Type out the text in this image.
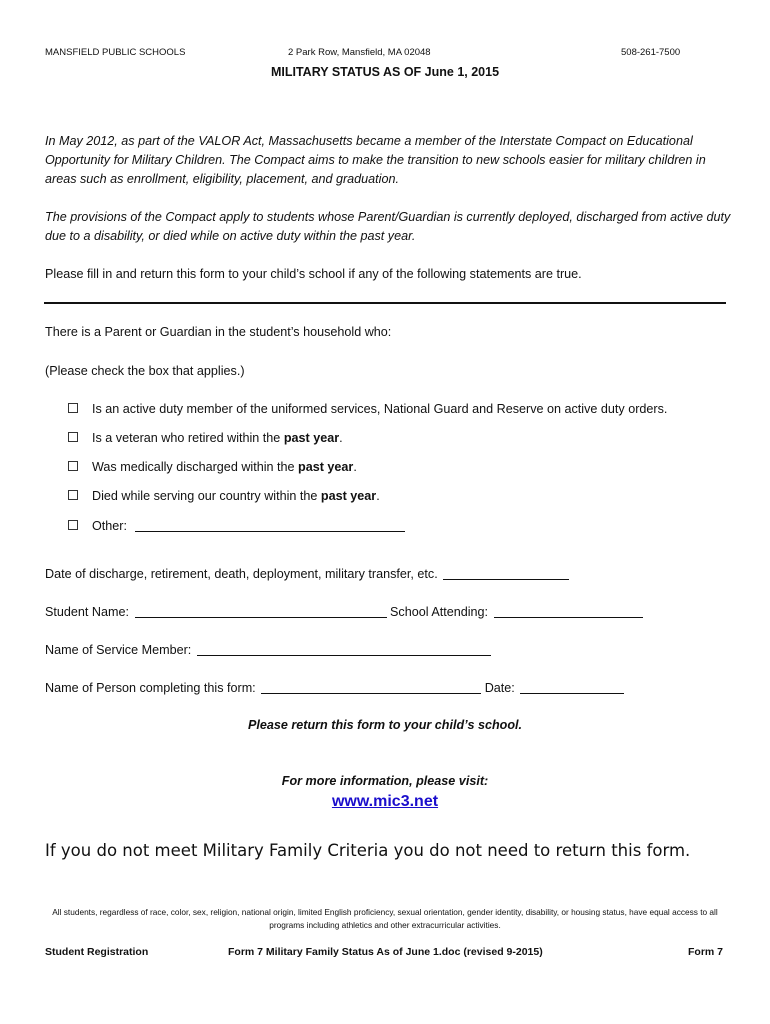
MANSFIELD PUBLIC SCHOOLS	2 Park Row, Mansfield, MA 02048	508-261-7500
MILITARY STATUS AS OF June 1, 2015
In May 2012, as part of the VALOR Act, Massachusetts became a member of the Interstate Compact on Educational Opportunity for Military Children. The Compact aims to make the transition to new schools easier for military children in areas such as enrollment, eligibility, placement, and graduation.
The provisions of the Compact apply to students whose Parent/Guardian is currently deployed, discharged from active duty due to a disability, or died while on active duty within the past year.
Please fill in and return this form to your child’s school if any of the following statements are true.
There is a Parent or Guardian in the student’s household who:
(Please check the box that applies.)
Is an active duty member of the uniformed services, National Guard and Reserve on active duty orders.
Is a veteran who retired within the past year.
Was medically discharged within the past year.
Died while serving our country within the past year.
Other:
Date of discharge, retirement, death, deployment, military transfer, etc.
Student Name:	School Attending:
Name of Service Member:
Name of Person completing this form:	Date:
Please return this form to your child’s school.
For more information, please visit:
www.mic3.net
If you do not meet Military Family Criteria you do not need to return this form.
All students, regardless of race, color, sex, religion, national origin, limited English proficiency, sexual orientation, gender identity, disability, or housing status, have equal access to all programs including athletics and other extracurricular activities.
Student Registration	Form 7 Military Family Status As of June 1.doc (revised 9-2015)	Form 7
